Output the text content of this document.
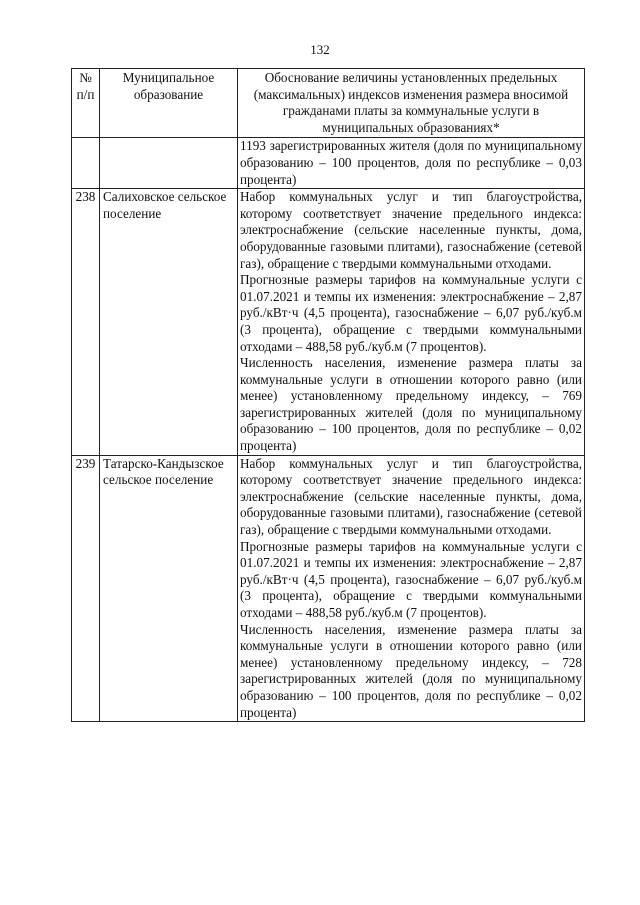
132
№ п/п	Муниципальное образование	Обоснование величины установленных предельных (максимальных) индексов изменения размера вносимой гражданами платы за коммунальные услуги в муниципальных образованиях*

		1193 зарегистрированных жителя (доля по муниципальному образованию – 100 процентов, доля по республике – 0,03 процента)

238	Салиховское сельское поселение	Набор коммунальных услуг и тип благоустройства, которому соответствует значение предельного индекса: электроснабжение (сельские населенные пункты, дома, оборудованные газовыми плитами), газоснабжение (сетевой газ), обращение с твердыми коммунальными отходами.
Прогнозные размеры тарифов на коммунальные услуги с 01.07.2021 и темпы их изменения: электроснабжение – 2,87 руб./кВт·ч (4,5 процента), газоснабжение – 6,07 руб./куб.м (3 процента), обращение с твердыми коммунальными отходами – 488,58 руб./куб.м (7 процентов).
Численность населения, изменение размера платы за коммунальные услуги в отношении которого равно (или менее) установленному предельному индексу, – 769 зарегистрированных жителей (доля по муниципальному образованию – 100 процентов, доля по республике – 0,02 процента)

239	Татарско-Кандызское сельское поселение	Набор коммунальных услуг и тип благоустройства, которому соответствует значение предельного индекса: электроснабжение (сельские населенные пункты, дома, оборудованные газовыми плитами), газоснабжение (сетевой газ), обращение с твердыми коммунальными отходами.
Прогнозные размеры тарифов на коммунальные услуги с 01.07.2021 и темпы их изменения: электроснабжение – 2,87 руб./кВт·ч (4,5 процента), газоснабжение – 6,07 руб./куб.м (3 процента), обращение с твердыми коммунальными отходами – 488,58 руб./куб.м (7 процентов).
Численность населения, изменение размера платы за коммунальные услуги в отношении которого равно (или менее) установленному предельному индексу, – 728 зарегистрированных жителей (доля по муниципальному образованию – 100 процентов, доля по республике – 0,02 процента)
